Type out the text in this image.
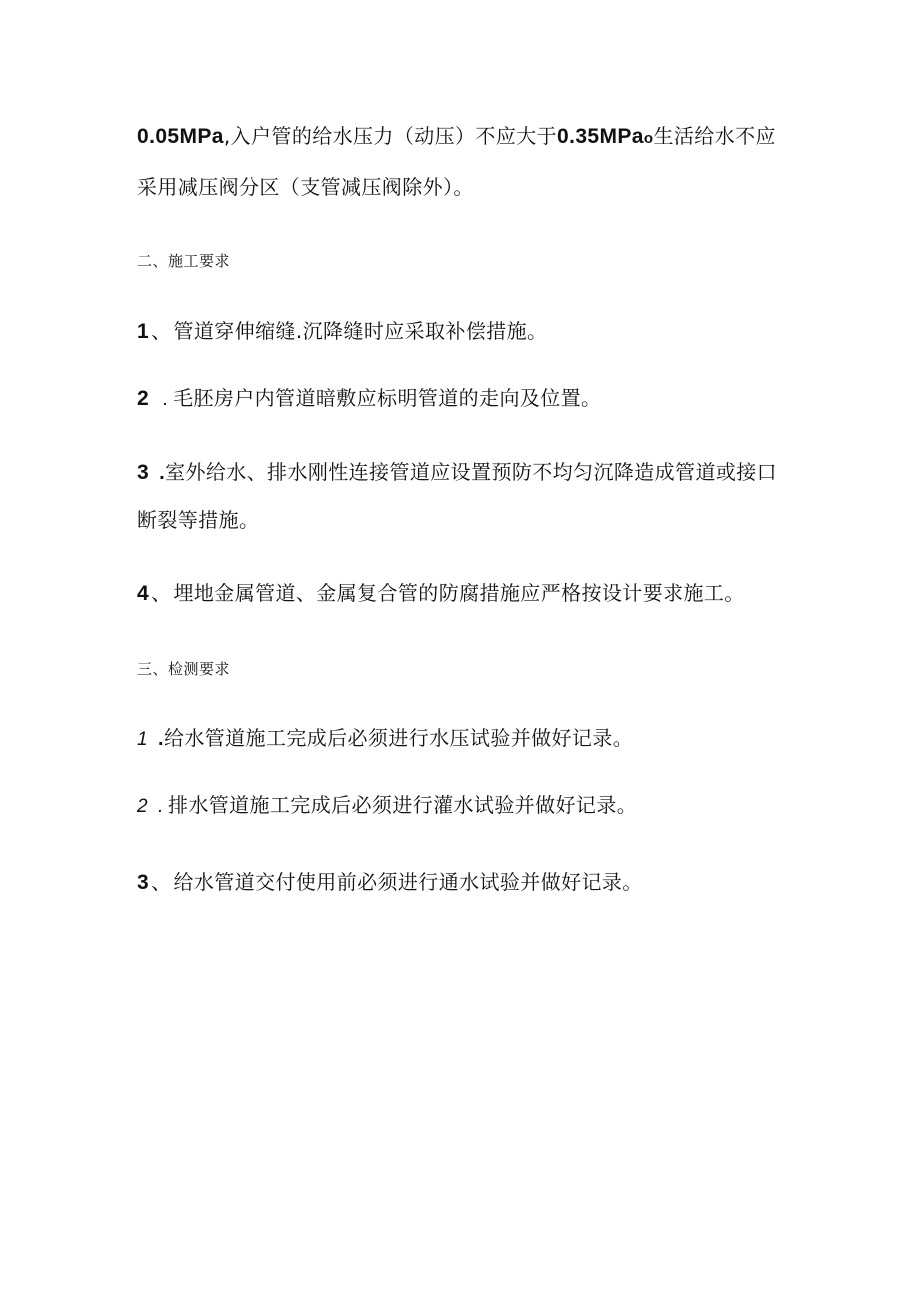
0.05MPa,入户管的给水压力（动压）不应大于0.35MPao生活给水不应

采用减压阀分区（支管减压阀除外）。

二、施工要求

1 、 管道穿伸缩缝.沉降缝时应采取补偿措施。

2 . 毛胚房户内管道暗敷应标明管道的走向及位置。

3 .室外给水、排水刚性连接管道应设置预防不均匀沉降造成管道或接口

断裂等措施。

4 、 埋地金属管道、金属复合管的防腐措施应严格按设计要求施工。

三、检测要求

1 .给水管道施工完成后必须进行水压试验并做好记录。

2 . 排水管道施工完成后必须进行灌水试验并做好记录。

3 、 给水管道交付使用前必须进行通水试验并做好记录。
